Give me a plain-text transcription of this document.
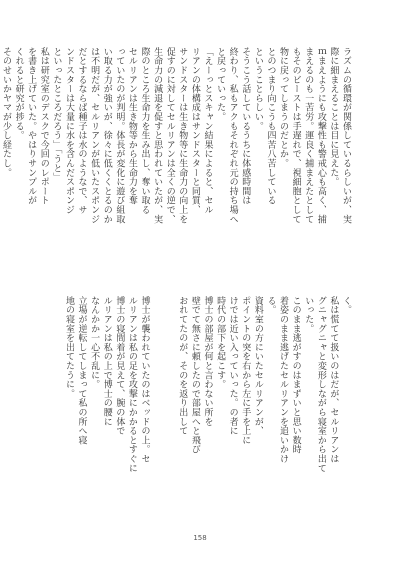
ラズムの循環が関係しているらしいが、実
際に細まえることは目に見えた。
ｍまえようにも攻撃性も警戒心も高く、捕
まえるのも一苦労。運良く捕まえたとして
もそのビーストは手遅れで、視細胞として
物に戻ってしまうのだとか。
とのつまり向こうも四苦八苦している
ということらしい。
そうこう話しているうちに体感時間は
終わり、私もアクもそれぞれ元の持ち場へ
と戻っていった。
「えーっとスキャン結果によると、セル
リアンの体構成はサンドスターと同質、
サンドスターは生き物等に生命力の向上を
促すのに対してセルリアンは全くの逆で、
生命力の減退を促すと思われていたが、実
際のところ生命力を生み出し、奪い取る
セルリアンは生き物等から生命力を奪
っていたのが判明。体長が変化に遊び組取
い取る力が強いが、徐々に低くくとるのか
は不明だが、セルリアンが低いたスポンジ
だとするならば種子は水のようなで、サ
ンドスターは大量に水を含んだスポンジ
といったところだろう」「うと」
私は研究室のデスクで今回のレポート
を書き上げていた。やはりサンプルが
くれると研究が捗る。
そのせいかヤマが少し経たし。
く。
私は慌てて扱いのはだが、セルリアンは
グニャグニャと変形しながら寝室から出て
いった。
このまま逃がすのはまずいと思い数時
着姿のまま逃げたセルリアンを追いかけ
る。
資料室の方にいたセルリアンが、
ポイントの突を右から左に手を上に
けでは近い入っていった。の者に
時代の部下を起こす。
博士の部屋が何と言わない所を
壁でて無さに頼したので部屋へと飛び
おれてたのが、そのを返り出して
博士が襲われていたのはベッドの上。セ
ルリアンは私の足を攻撃にかかるとすぐに
博士の寝間着が見えて、腕の体で
ルリアンは私の上で博士の腰に
なんかか一心不乱に。
立場が逆転してしまって私の所へ寝
地の寝室を出てたうに。
158
